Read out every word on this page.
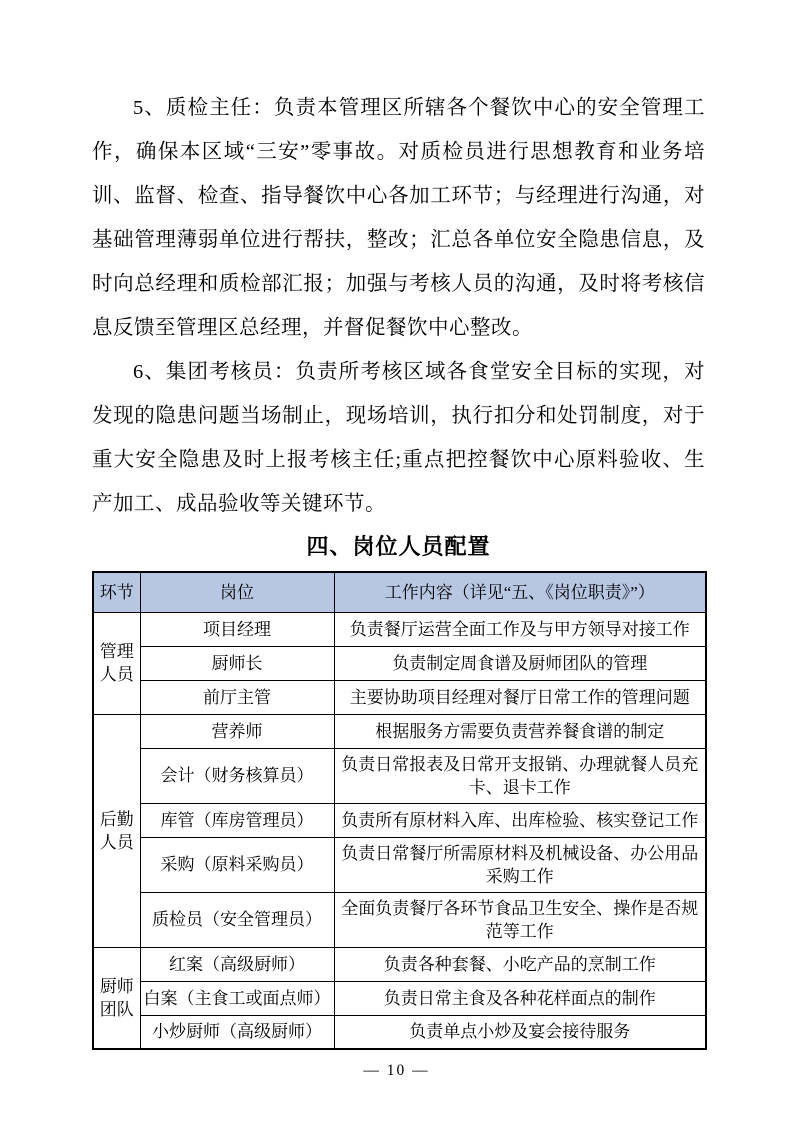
5、质检主任：负责本管理区所辖各个餐饮中心的安全管理工作，确保本区域“三安”零事故。对质检员进行思想教育和业务培训、监督、检查、指导餐饮中心各加工环节；与经理进行沟通，对基础管理薄弱单位进行帮扶，整改；汇总各单位安全隐患信息，及时向总经理和质检部汇报；加强与考核人员的沟通，及时将考核信息反馈至管理区总经理，并督促餐饮中心整改。

6、集团考核员：负责所考核区域各食堂安全目标的实现，对发现的隐患问题当场制止，现场培训，执行扣分和处罚制度，对于重大安全隐患及时上报考核主任;重点把控餐饮中心原料验收、生产加工、成品验收等关键环节。

四、岗位人员配置
环节	岗位	工作内容（详见“五、《岗位职责》”）
管理人员	项目经理	负责餐厅运营全面工作及与甲方领导对接工作
	厨师长	负责制定周食谱及厨师团队的管理
	前厅主管	主要协助项目经理对餐厅日常工作的管理问题
后勤人员	营养师	根据服务方需要负责营养餐食谱的制定
	会计（财务核算员）	负责日常报表及日常开支报销、办理就餐人员充卡、退卡工作
	库管（库房管理员）	负责所有原材料入库、出库检验、核实登记工作
	采购（原料采购员）	负责日常餐厅所需原材料及机械设备、办公用品采购工作
	质检员（安全管理员）	全面负责餐厅各环节食品卫生安全、操作是否规范等工作
厨师团队	红案（高级厨师）	负责各种套餐、小吃产品的烹制工作
	白案（主食工或面点师）	负责日常主食及各种花样面点的制作
	小炒厨师（高级厨师）	负责单点小炒及宴会接待服务
— 10 —
